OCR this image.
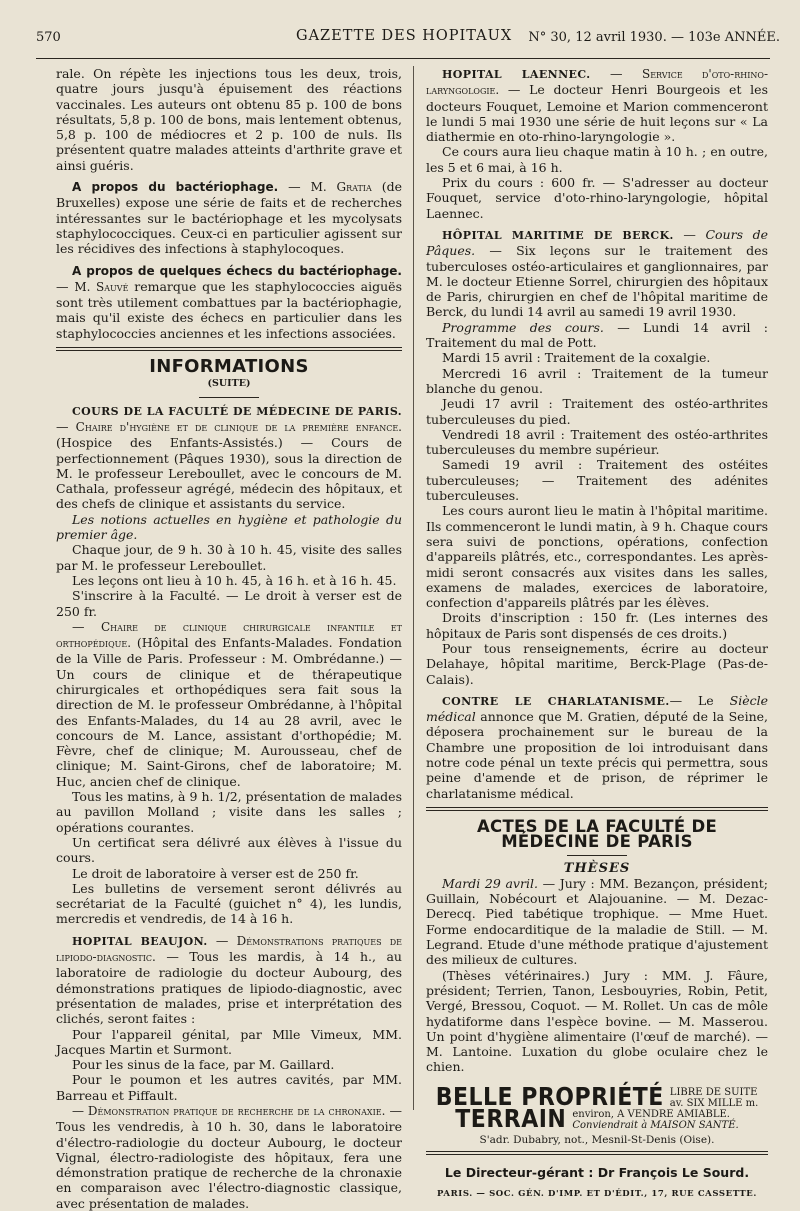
570	GAZETTE DES HOPITAUX N° 30, 12 avril 1930. — 103e ANNÉE.

rale. On répète les injections tous les deux, trois, quatre jours jusqu'à épuisement des réactions vaccinales. Les auteurs ont obtenu 85 p. 100 de bons résultats, 5,8 p. 100 de bons, mais lentement obtenus, 5,8 p. 100 de médiocres et 2 p. 100 de nuls. Ils présentent quatre malades atteints d'arthrite grave et ainsi guéris.

A propos du bactériophage. — M. Gratia (de Bruxelles) expose une série de faits et de recherches intéressantes sur le bactériophage et les mycolysats staphylococciques. Ceux-ci en particulier agissent sur les récidives des infections à staphylocoques.

A propos de quelques échecs du bactériophage. — M. Sauvé remarque que les staphylococcies aiguës sont très utilement combattues par la bactériophagie, mais qu'il existe des échecs en particulier dans les staphylococcies anciennes et les infections associées.

INFORMATIONS
(SUITE)

COURS DE LA FACULTÉ DE MÉDECINE DE PARIS. — Chaire d'hygiène et de clinique de la première enfance. (Hospice des Enfants-Assistés.) — Cours de perfectionnement (Pâques 1930), sous la direction de M. le professeur Lereboullet, avec le concours de M. Cathala, professeur agrégé, médecin des hôpitaux, et des chefs de clinique et assistants du service.

Les notions actuelles en hygiène et pathologie du premier âge.

Chaque jour, de 9 h. 30 à 10 h. 45, visite des salles par M. le professeur Lereboullet.

Les leçons ont lieu à 10 h. 45, à 16 h. et à 16 h. 45.

S'inscrire à la Faculté. — Le droit à verser est de 250 fr.

— Chaire de clinique chirurgicale infantile et orthopédique. (Hôpital des Enfants-Malades. Fondation de la Ville de Paris. Professeur : M. Ombrédanne.) — Un cours de clinique et de thérapeutique chirurgicales et orthopédiques sera fait sous la direction de M. le professeur Ombrédanne, à l'hôpital des Enfants-Malades, du 14 au 28 avril, avec le concours de M. Lance, assistant d'orthopédie; M. Fèvre, chef de clinique; M. Aurousseau, chef de clinique; M. Saint-Girons, chef de laboratoire; M. Huc, ancien chef de clinique.

Tous les matins, à 9 h. 1/2, présentation de malades au pavillon Molland ; visite dans les salles ; opérations courantes.

Un certificat sera délivré aux élèves à l'issue du cours.

Le droit de laboratoire à verser est de 250 fr.

Les bulletins de versement seront délivrés au secrétariat de la Faculté (guichet n° 4), les lundis, mercredis et vendredis, de 14 à 16 h.

HOPITAL BEAUJON. — Démonstrations pratiques de lipiodo-diagnostic. — Tous les mardis, à 14 h., au laboratoire de radiologie du docteur Aubourg, des démonstrations pratiques de lipiodo-diagnostic, avec présentation de malades, prise et interprétation des clichés, seront faites :

Pour l'appareil génital, par Mlle Vimeux, MM. Jacques Martin et Surmont.

Pour les sinus de la face, par M. Gaillard.

Pour le poumon et les autres cavités, par MM. Barreau et Piffault.

— Démonstration pratique de recherche de la chronaxie. — Tous les vendredis, à 10 h. 30, dans le laboratoire d'électro-radiologie du docteur Aubourg, le docteur Vignal, électro-radiologiste des hôpitaux, fera une démonstration pratique de recherche de la chronaxie en comparaison avec l'électro-diagnostic classique, avec présentation de malades.

HOPITAL LAENNEC. — Service d'oto-rhino-laryngologie. — Le docteur Henri Bourgeois et les docteurs Fouquet, Lemoine et Marion commenceront le lundi 5 mai 1930 une série de huit leçons sur « La diathermie en oto-rhino-laryngologie ».

Ce cours aura lieu chaque matin à 10 h. ; en outre, les 5 et 6 mai, à 16 h.

Prix du cours : 600 fr. — S'adresser au docteur Fouquet, service d'oto-rhino-laryngologie, hôpital Laennec.

HÔPITAL MARITIME DE BERCK. — Cours de Pâques. — Six leçons sur le traitement des tuberculoses ostéo-articulaires et ganglionnaires, par M. le docteur Etienne Sorrel, chirurgien des hôpitaux de Paris, chirurgien en chef de l'hôpital maritime de Berck, du lundi 14 avril au samedi 19 avril 1930.

Programme des cours. — Lundi 14 avril : Traitement du mal de Pott.

Mardi 15 avril : Traitement de la coxalgie.

Mercredi 16 avril : Traitement de la tumeur blanche du genou.

Jeudi 17 avril : Traitement des ostéo-arthrites tuberculeuses du pied.

Vendredi 18 avril : Traitement des ostéo-arthrites tuberculeuses du membre supérieur.

Samedi 19 avril : Traitement des ostéites tuberculeuses; — Traitement des adénites tuberculeuses.

Les cours auront lieu le matin à l'hôpital maritime. Ils commenceront le lundi matin, à 9 h. Chaque cours sera suivi de ponctions, opérations, confection d'appareils plâtrés, etc., correspondantes. Les après-midi seront consacrés aux visites dans les salles, examens de malades, exercices de laboratoire, confection d'appareils plâtrés par les élèves.

Droits d'inscription : 150 fr. (Les internes des hôpitaux de Paris sont dispensés de ces droits.)

Pour tous renseignements, écrire au docteur Delahaye, hôpital maritime, Berck-Plage (Pas-de-Calais).

CONTRE LE CHARLATANISME.— Le Siècle médical annonce que M. Gratien, député de la Seine, déposera prochainement sur le bureau de la Chambre une proposition de loi introduisant dans notre code pénal un texte précis qui permettra, sous peine d'amende et de prison, de réprimer le charlatanisme médical.

ACTES DE LA FACULTÉ DE MÉDECINE DE PARIS
THÈSES

Mardi 29 avril. — Jury : MM. Bezançon, président; Guillain, Nobécourt et Alajouanine. — M. Dezac-Derecq. Pied tabétique trophique. — Mme Huet. Forme endocarditique de la maladie de Still. — M. Legrand. Etude d'une méthode pratique d'ajustement des milieux de cultures.

(Thèses vétérinaires.) Jury : MM. J. Fâure, président; Terrien, Tanon, Lesbouyries, Robin, Petit, Vergé, Bressou, Coquot. — M. Rollet. Un cas de môle hydatiforme dans l'espèce bovine. — M. Masserou. Un point d'hygiène alimentaire (l'œuf de marché). — M. Lantoine. Luxation du globe oculaire chez le chien.

BELLE PROPRIÉTÉ LIBRE DE SUITE
av. SIX MILLE m.
TERRAIN environ, A VENDRE AMIABLE.
Conviendrait à MAISON SANTÉ.
S'adr. Dubabry, not., Mesnil-St-Denis (Oise).
Le Directeur-gérant : Dr François Le Sourd.
PARIS. — SOC. GÉN. D'IMP. ET D'ÉDIT., 17, RUE CASSETTE.
